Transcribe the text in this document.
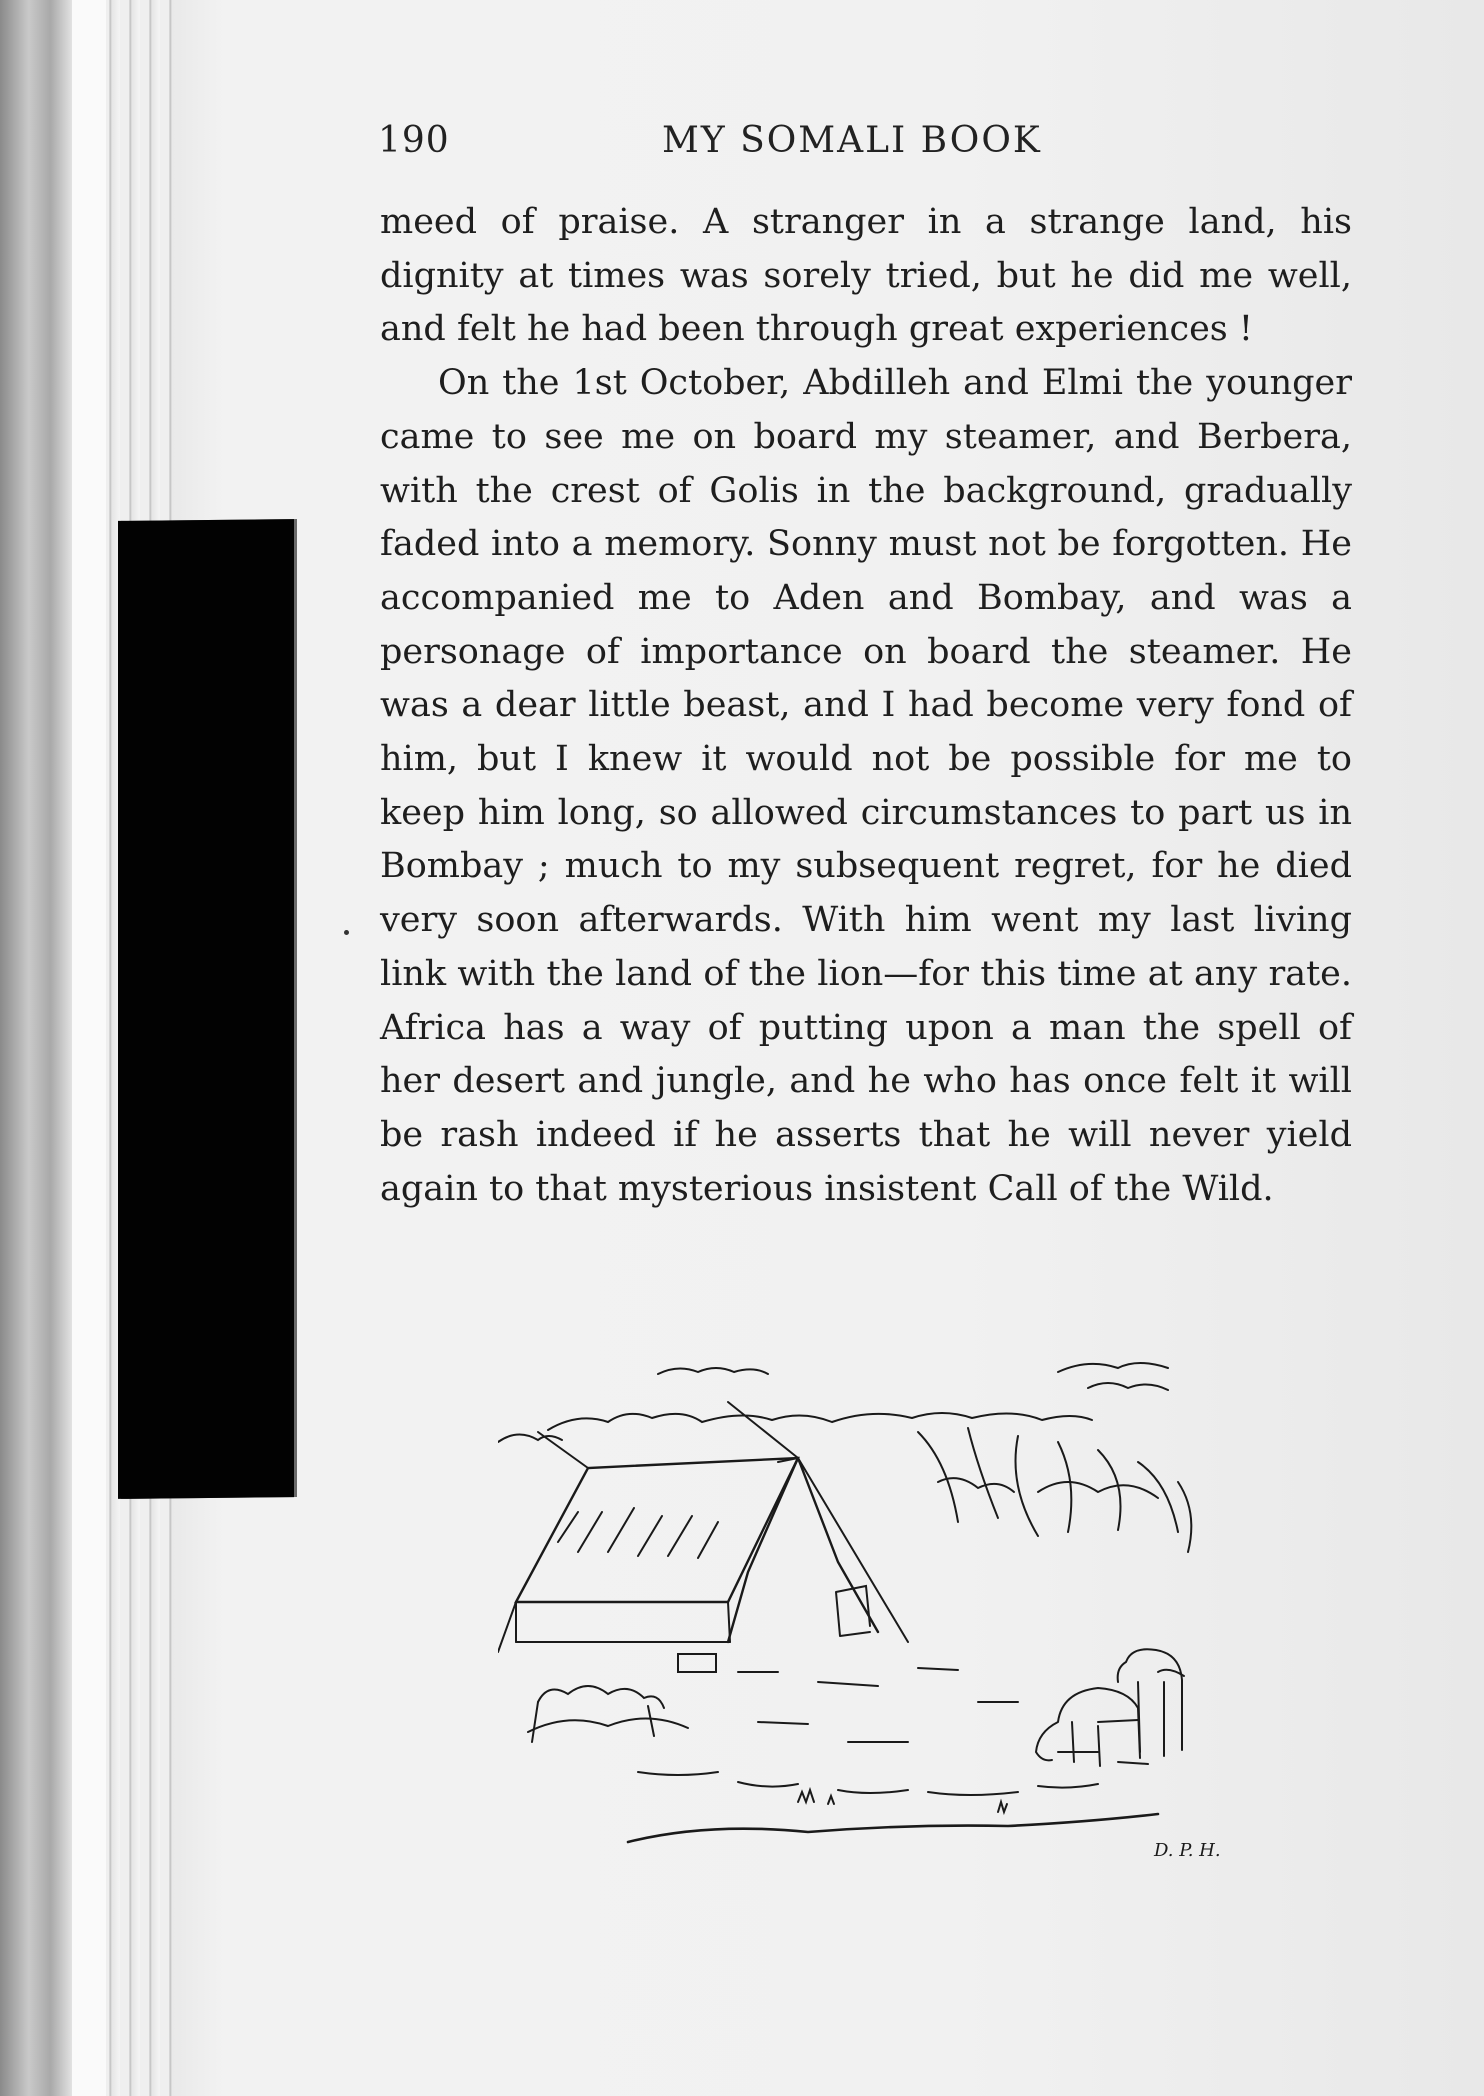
190	MY SOMALI BOOK

meed of praise. A stranger in a strange land, his dignity at times was sorely tried, but he did me well, and felt he had been through great experiences !

On the 1st October, Abdilleh and Elmi the younger came to see me on board my steamer, and Berbera, with the crest of Golis in the background, gradually faded into a memory. Sonny must not be forgotten. He accompanied me to Aden and Bombay, and was a personage of importance on board the steamer. He was a dear little beast, and I had become very fond of him, but I knew it would not be possible for me to keep him long, so allowed circumstances to part us in Bombay ; much to my subsequent regret, for he died very soon afterwards. With him went my last living link with the land of the lion—for this time at any rate. Africa has a way of putting upon a man the spell of her desert and jungle, and he who has once felt it will be rash indeed if he asserts that he will never yield again to that mysterious insistent Call of the Wild.

D. P. H.
